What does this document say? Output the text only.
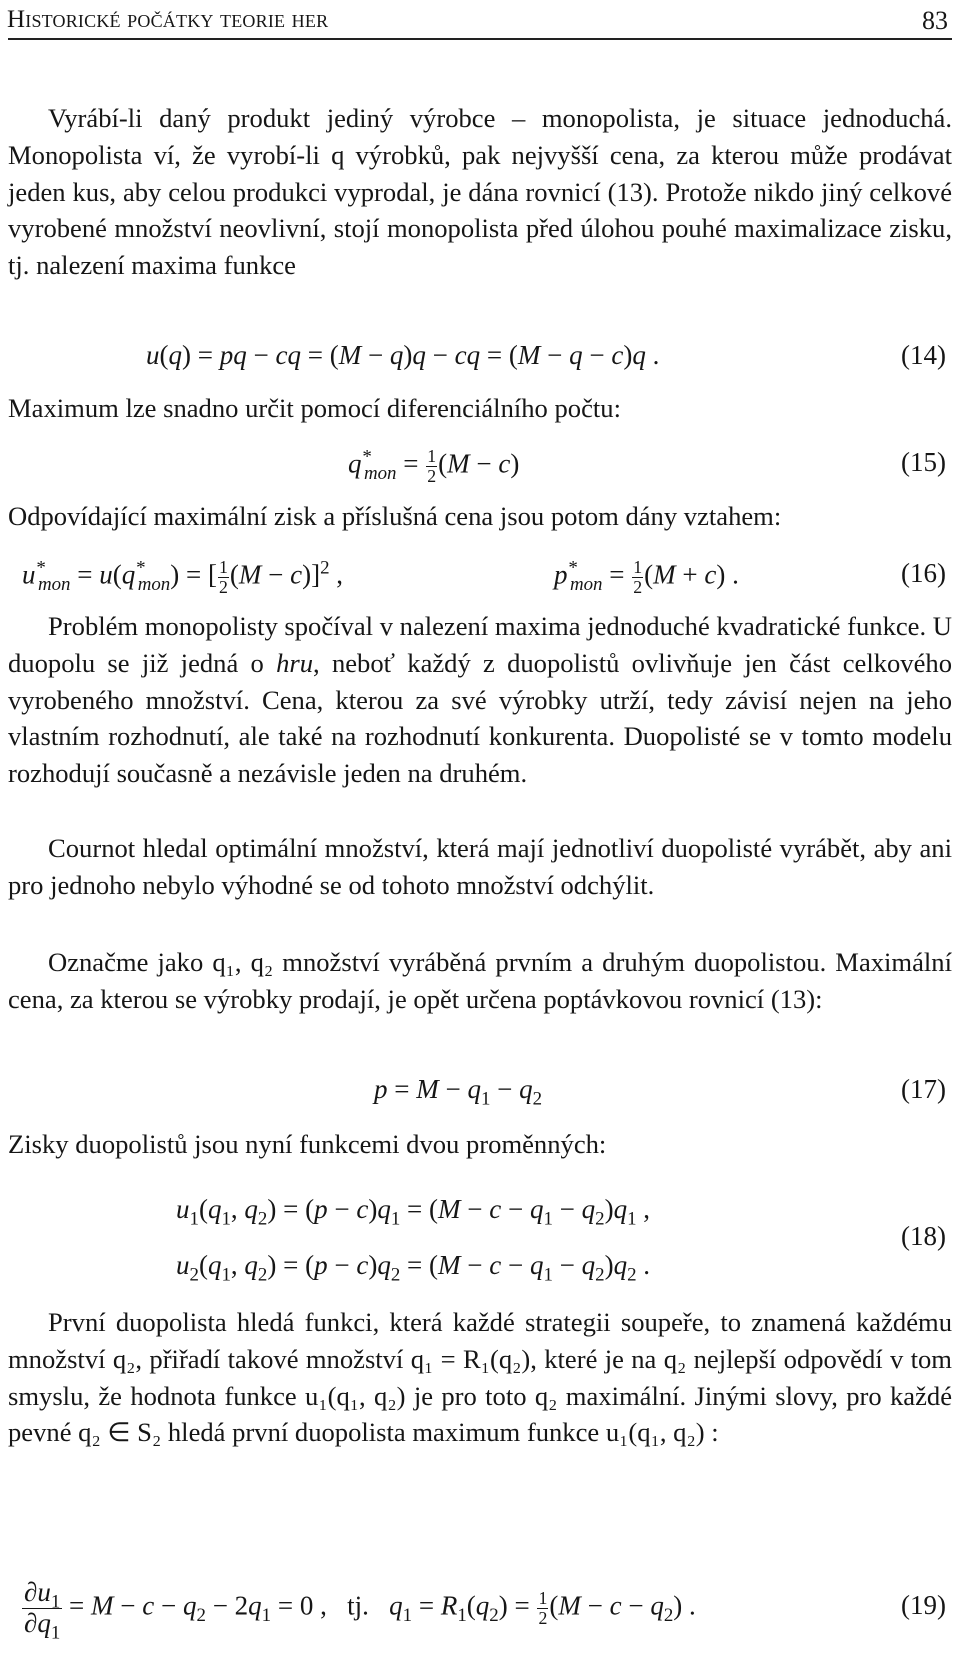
Historické počátky teorie her	83
Vyrábí-li daný produkt jediný výrobce – monopolista, je situace jednoduchá. Monopolista ví, že vyrobí-li q výrobků, pak nejvyšší cena, za kterou může prodávat jeden kus, aby celou produkci vyprodal, je dána rovnicí (13). Protože nikdo jiný celkové vyrobené množství neovlivní, stojí monopolista před úlohou pouhé maximalizace zisku, tj. nalezení maxima funkce
u(q) = pq − cq = (M − q)q − cq = (M − q − c)q .	(14)
Maximum lze snadno určit pomocí diferenciálního počtu:
$q^*_{mon} = \frac{1}{2} (M - c)$	(15)
Odpovídající maximální zisk a příslušná cena jsou potom dány vztahem:
$u^*_{mon} = u(q^*_{mon})$ = [ $\frac{1}{2} (M - c)]^2$ ,	$p^*_{mon} = \frac{1}{2} (M + c)$ .	(16)
Problém monopolisty spočíval v nalezení maxima jednoduché kvadratické funkce. U duopolu se již jedná o hru, neboť každý z duopolistů ovlivňuje jen část celkového vyrobeného množství. Cena, kterou za své výrobky utrží, tedy závisí nejen na jeho vlastním rozhodnutí, ale také na rozhodnutí konkurenta. Duopolisté se v tomto modelu rozhodují současně a nezávisle jeden na druhém.
Cournot hledal optimální množství, která mají jednotliví duopolisté vyrábět, aby ani pro jednoho nebylo výhodné se od tohoto množství odchýlit.
Označme jako q₁, q₂ množství vyráběná prvním a druhým duopolistou. Maximální cena, za kterou se výrobky prodají, je opět určena poptávkovou rovnicí (13):
$p = M - q_1 - q_2$	(17)
Zisky duopolistů jsou nyní funkcemi dvou proměnných:
$u_1(q_1$, $q_2) = (p - c)q_1 = (M - c - q_1 - q_2)q_1$ ,
(18)
$u_2(q_1$, $q_2) = (p - c)q_2 = (M - c - q_1 - q_2)q_2$ .
První duopolista hledá funkci, která každé strategii soupeře, to znamená každému množství q₂, přiřadí takové množství q₁ = R₁(q₂), které je na q₂ nejlepší odpovědí v tom smyslu, že hodnota funkce u₁(q₁, q₂) je pro toto q₂ maximální. Jinými slovy, pro každé pevné q₂ ∈ S₂ hledá první duopolista maximum funkce u₁(q₁, q₂) :
$\frac{\partial u_1}{\partial q_1} = M - c - q_2 - 2q_1 = 0$ , tj.   $q_1 = R_1(q_2) = \frac{1}{2} (M - c - q_2)$ .	(19)
